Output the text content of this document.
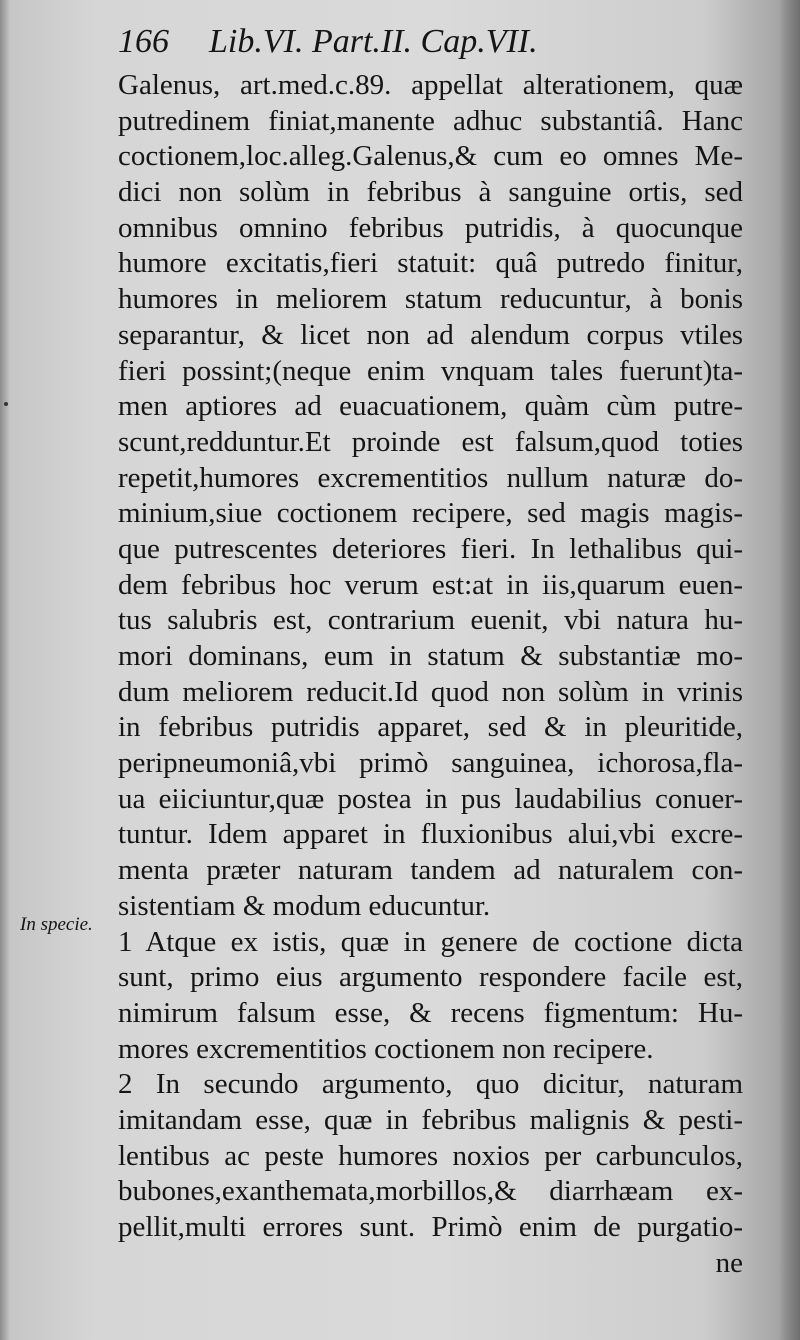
166 Lib.VI. Part.II. Cap.VII.
In specie.
Galenus, art.med.c.89. appellat alterationem, quæ
putredinem finiat,manente adhuc substantiâ. Hanc
coctionem,loc.alleg.Galenus,& cum eo omnes Me-
dici non solùm in febribus à sanguine ortis, sed
omnibus omnino febribus putridis, à quocunque
humore excitatis,fieri statuit: quâ putredo finitur,
humores in meliorem statum reducuntur, à bonis
separantur, & licet non ad alendum corpus vtiles
fieri possint;(neque enim vnquam tales fuerunt)ta-
men aptiores ad euacuationem, quàm cùm putre-
scunt,redduntur.Et proinde est falsum,quod toties
repetit,humores excrementitios nullum naturæ do-
minium,siue coctionem recipere, sed magis magis-
que putrescentes deteriores fieri. In lethalibus qui-
dem febribus hoc verum est:at in iis,quarum euen-
tus salubris est, contrarium euenit, vbi natura hu-
mori dominans, eum in statum & substantiæ mo-
dum meliorem reducit.Id quod non solùm in vrinis
in febribus putridis apparet, sed & in pleuritide,
peripneumoniâ,vbi primò sanguinea, ichorosa,fla-
ua eiiciuntur,quæ postea in pus laudabilius conuer-
tuntur. Idem apparet in fluxionibus alui,vbi excre-
menta præter naturam tandem ad naturalem con-
sistentiam & modum educuntur.
1 Atque ex istis, quæ in genere de coctione dicta
sunt, primo eius argumento respondere facile est,
nimirum falsum esse, & recens figmentum: Hu-
mores excrementitios coctionem non recipere.
2 In secundo argumento, quo dicitur, naturam
imitandam esse, quæ in febribus malignis & pesti-
lentibus ac peste humores noxios per carbunculos,
bubones,exanthemata,morbillos,& diarrhæam ex-
pellit,multi errores sunt. Primò enim de purgatio-
ne
